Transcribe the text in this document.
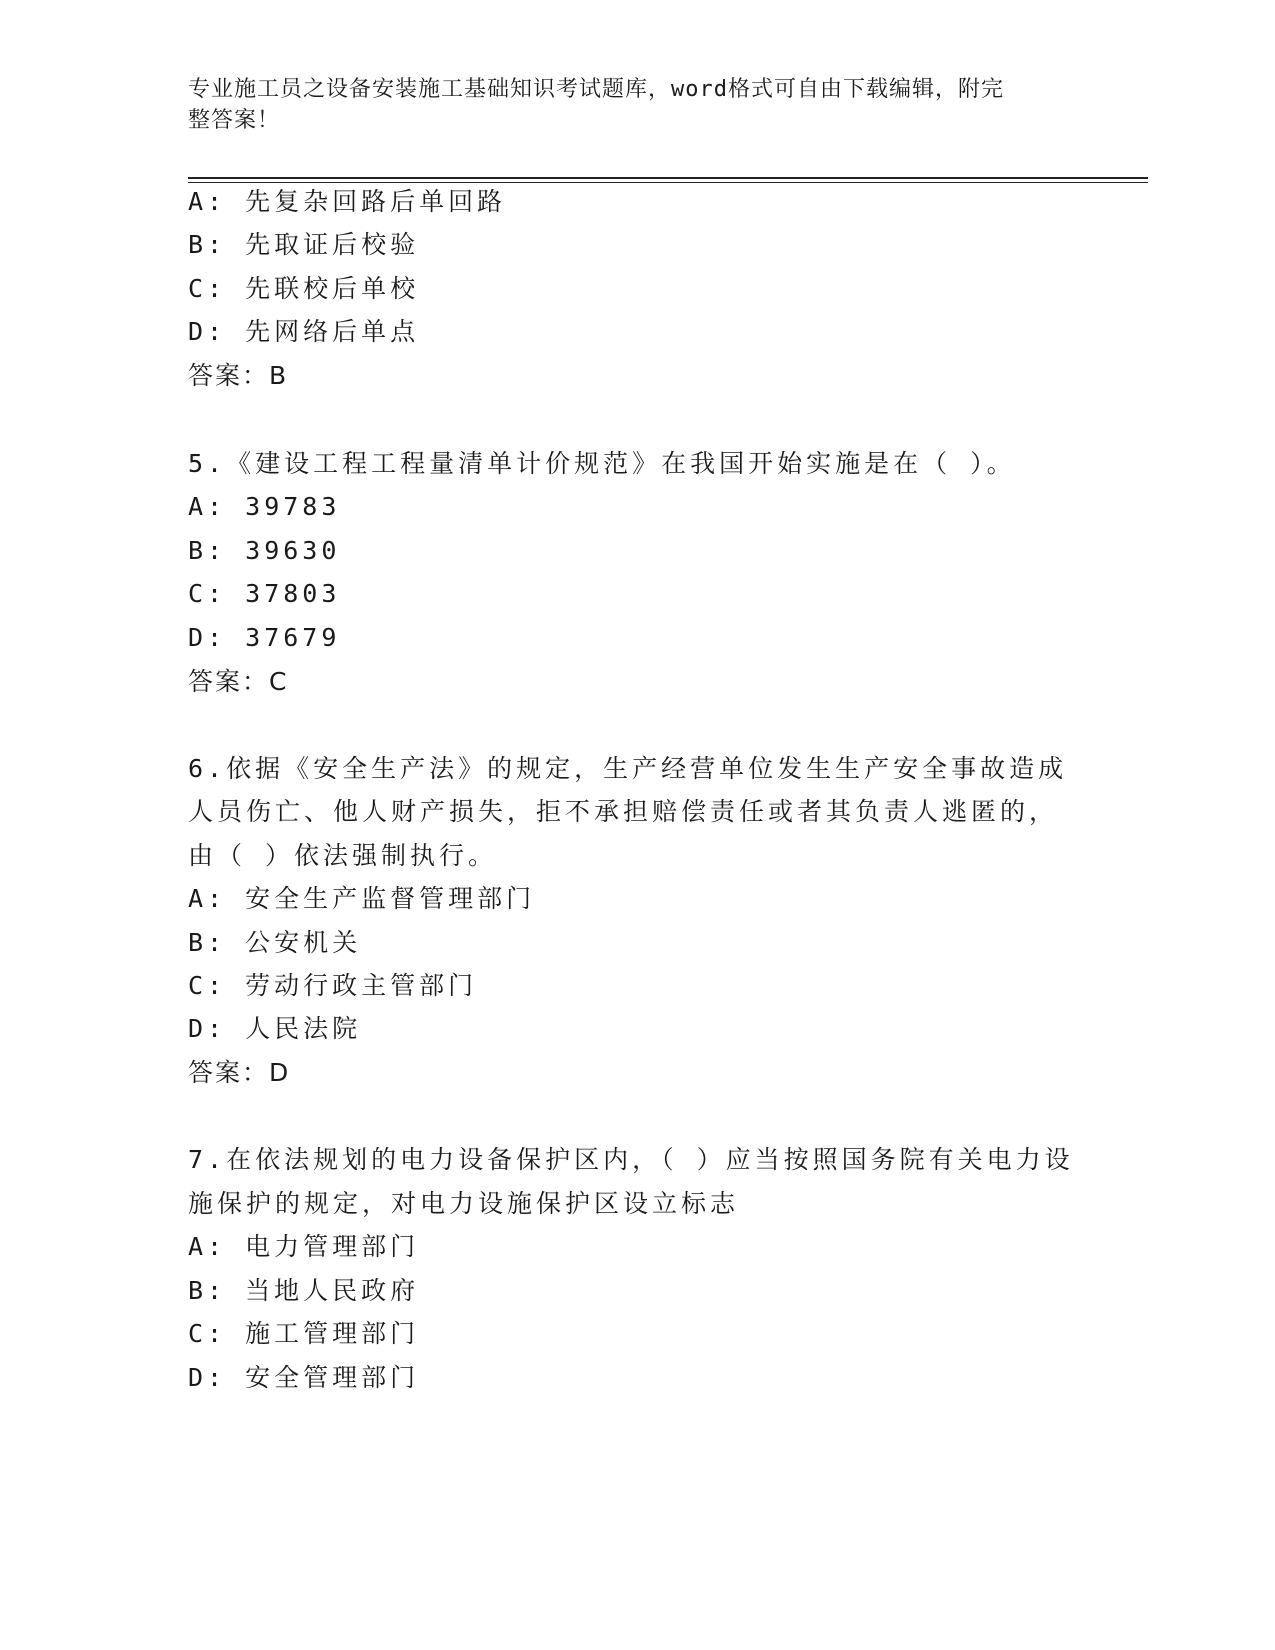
专业施工员之设备安装施工基础知识考试题库，word格式可自由下载编辑，附完
整答案！
A: 先复杂回路后单回路
B: 先取证后校验
C: 先联校后单校
D: 先网络后单点
答案：B
5.《建设工程工程量清单计价规范》在我国开始实施是在（ ）。
A: 39783
B: 39630
C: 37803
D: 37679
答案：C
6.依据《安全生产法》的规定，生产经营单位发生生产安全事故造成
人员伤亡、他人财产损失，拒不承担赔偿责任或者其负责人逃匿的，
由（ ）依法强制执行。
A: 安全生产监督管理部门
B: 公安机关
C: 劳动行政主管部门
D: 人民法院
答案：D
7.在依法规划的电力设备保护区内，（ ）应当按照国务院有关电力设
施保护的规定，对电力设施保护区设立标志
A: 电力管理部门
B: 当地人民政府
C: 施工管理部门
D: 安全管理部门
